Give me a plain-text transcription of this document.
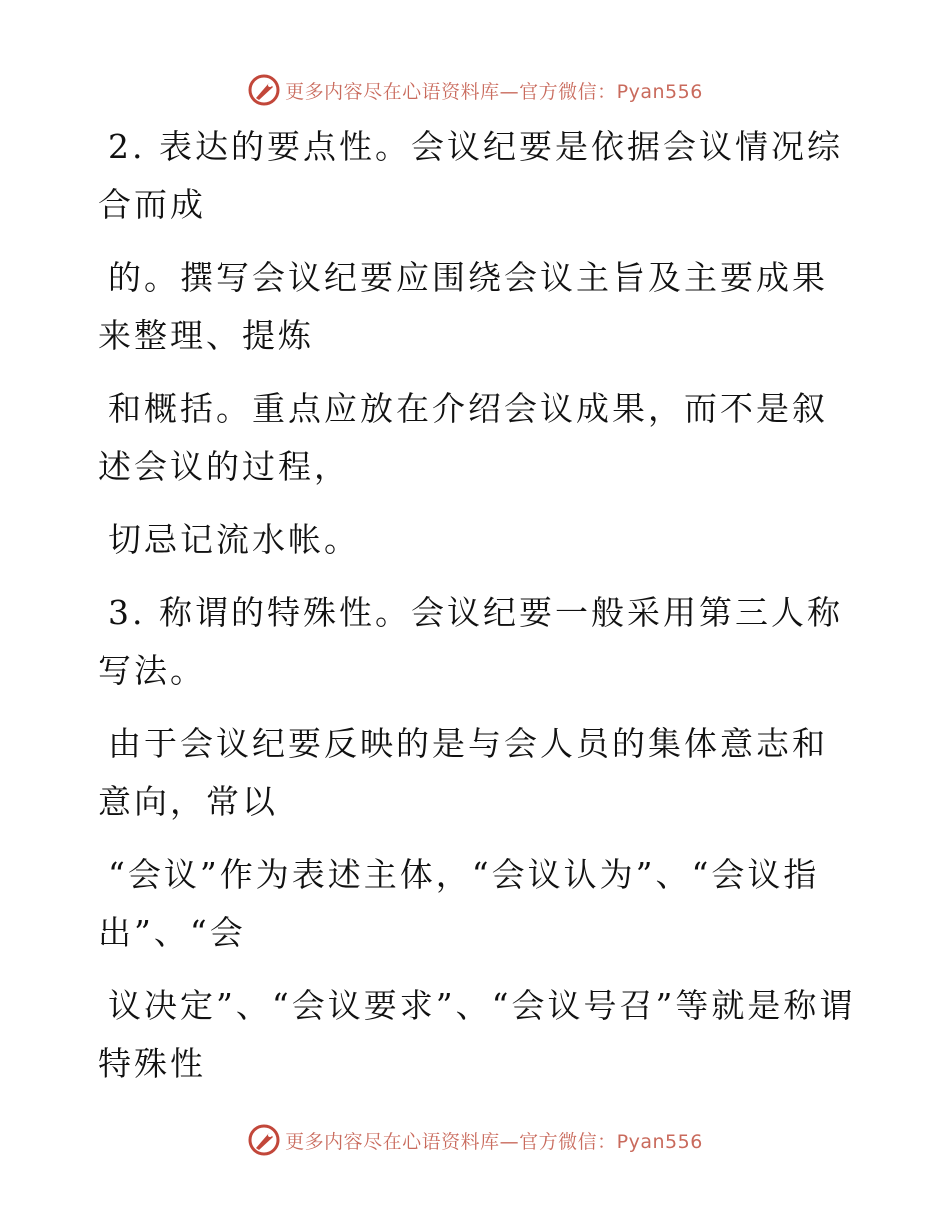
更多内容尽在心语资料库—官方微信：Pyan556

2. 表达的要点性。会议纪要是依据会议情况综合而成

的。撰写会议纪要应围绕会议主旨及主要成果来整理、提炼

和概括。重点应放在介绍会议成果，而不是叙述会议的过程，

切忌记流水帐。

3. 称谓的特殊性。会议纪要一般采用第三人称写法。

由于会议纪要反映的是与会人员的集体意志和意向，常以

“会议”作为表述主体，“会议认为”、“会议指出”、“会

议决定”、“会议要求”、“会议号召”等就是称谓特殊性

更多内容尽在心语资料库—官方微信：Pyan556
